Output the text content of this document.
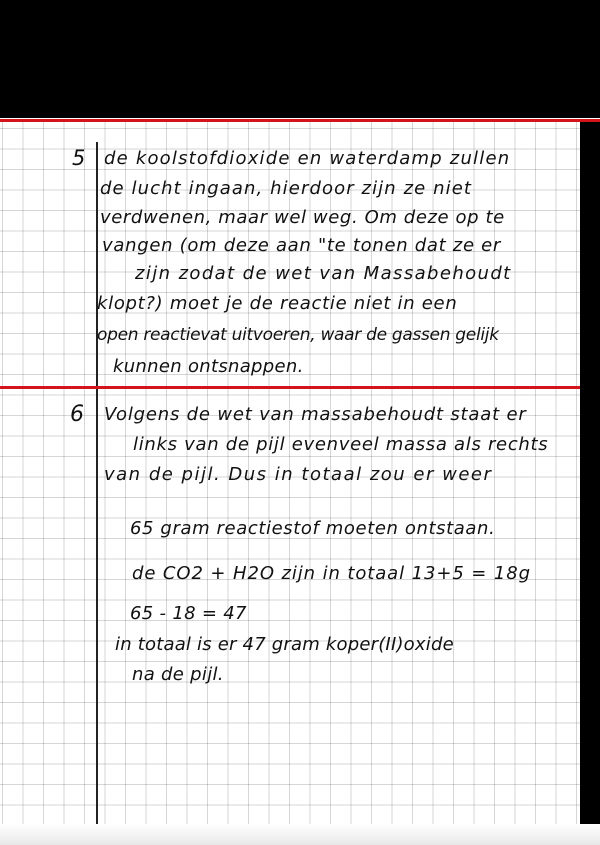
5 de koolstofdioxide en waterdamp zullen
de lucht ingaan, hierdoor zijn ze niet
verdwenen, maar wel weg. Om deze op te
vangen (om deze aan "te tonen dat ze er
zijn zodat de wet van Massabehoudt
klopt?) moet je de reactie niet in een
open reactievat uitvoeren, waar de gassen gelijk
kunnen ontsnappen.
6 Volgens de wet van massabehoudt staat er
links van de pijl evenveel massa als rechts
van de pijl. Dus in totaal zou er weer
65 gram reactiestof moeten ontstaan.
de CO2 + H2O zijn in totaal 13+5 = 18g
65 - 18 = 47
in totaal is er 47 gram koper(II)oxide
na de pijl.
